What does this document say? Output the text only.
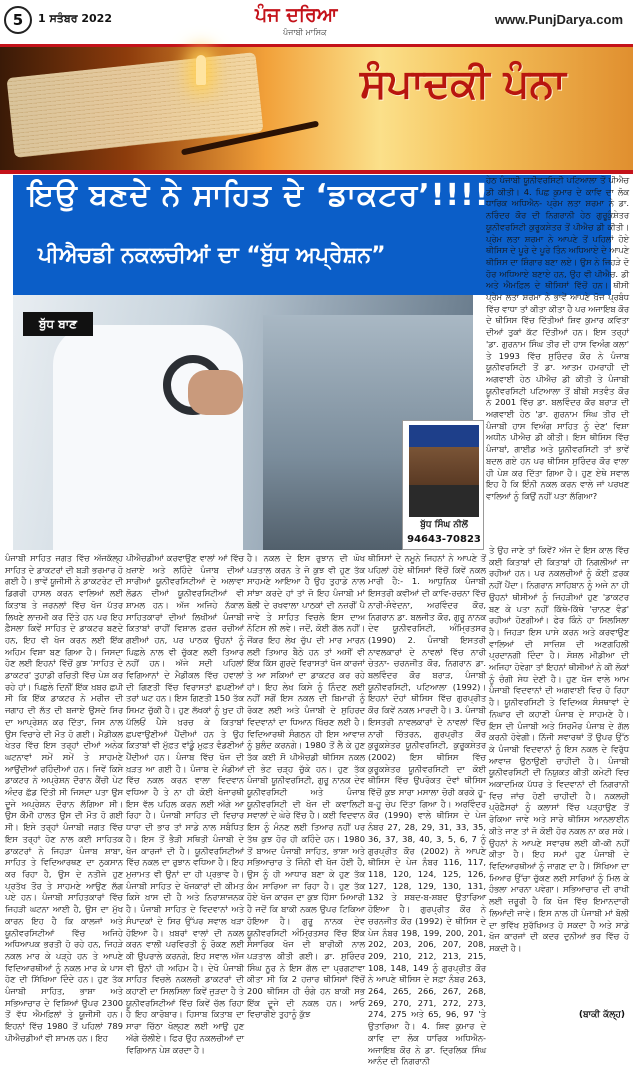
5	1 ਸਤੰਬਰ 2022	ਪੰਜ ਦਰਿਆ
ਪੰਜਾਬੀ ਮਾਸਿਕ
www.PunjDarya.com
ਸੰਪਾਦਕੀ ਪੰਨਾ
ਇਉ ਬਣਦੇ ਨੇ ਸਾਹਿਤ ਦੇ ‘ਡਾਕਟਰ’!!!!
ਪੀਐਚਡੀ ਨਕਲਚੀਆਂ ਦਾ “ਬੁੱਧ ਅਪ੍ਰੇਸ਼ਨ”
ਬੁੱਧ ਬਾਣ
ਬੁੱਧ ਸਿੰਘ ਨੀਲੋਂ
94643-70823

ਹੇਠ ਪੰਜਾਬੀ ਯੂਨੀਵਰਸਿਟੀ ਪਟਿਆਲਾ ਤੋਂ ਪੀਐਚ ਡੀ ਕੀਤੀ। 4. ਪਿਛ ਕੁਮਾਰ ਦੇ ਕਾਵਿ ਦਾ ਲੋਕ ਧਾਰਿਕ ਅਧਿਐਨ- ਪ੍ਰੇਮ ਲਤਾ ਸ਼ਰਮਾ ਨੇ ਡਾ. ਨਰਿੰਦਰ ਕੌਰ ਦੀ ਨਿਗਰਾਨੀ ਹੇਠ ਗੁਰੂਕੁੰਸ਼ੇਤਰ ਯੂਨੀਵਰਸਿਟੀ ਕੁਰੂਕਸ਼ੇਤਰ ਤੋਂ ਪੀਐਚ ਡੀ ਕੀਤੀ। ਪ੍ਰੇਮ ਲਤਾ ਸ਼ਰਮਾ ਨੇ ਆਪਣੇ ਤੋਂ ਪਹਿਲਾਂ ਹੋਏ ਥੀਸਿਸ ਦੇ ਪੂਰੇ ਦੇ ਪੂਰੇ ਤਿੰਨ ਅਧਿਆਏ ਦੇ ਆਪਣੇ ਥੀਸਿਸ ਦਾ ਸ਼ਿੰਗਾਰ ਬਣਾ ਲਏ। ਉਸ ਨੇ ਜਿਹੜੇ ਦੋ ਹੋਰ ਅਧਿਆਏ ਬਣਾਏ ਹਨ, ਉਹ ਵੀ ਪੀਐਚ. ਡੀ ਅਤੇ ਐਮਫ਼ਿਲ ਦੇ ਥੀਸਿਸਾਂ ਵਿੱਚੋਂ ਹਨ। ਥੀਸੀ ਪ੍ਰੇਮ ਲਤਾ ਸ਼ਰਮਾ ਨੇ ਭਾਵੇਂ ਆਪਣੇ ਖ਼ੋਜ ਪ੍ਰਬੰਧ ਵਿੱਚ ਵਾਧਾ ਤਾਂ ਕੀਤਾ ਕੀਤਾ ਹੈ ਪਰ ਅਜਾਇਬ ਕੌਰ ਦੇ ਥੀਸਿਸ ਵਿੱਚ ਦਿੱਤੀਆਂ ਸ਼ਿਵ ਕੁਮਾਰ ਕਵਿਤਾ ਦੀਆਂ ਤੁਕਾਂ ਕੱਟ ਦਿੱਤੀਆਂ ਹਨ। ਇਸ ਤਰ੍ਹਾਂ 'ਡਾ. ਗੁਰਨਾਮ ਸਿੰਘ ਤੀਰ ਦੀ ਹਾਸ ਵਿਅੰਗ ਕਲਾ' ਤੇ 1993 ਵਿੱਚ ਸੁਰਿੰਦਰ ਕੌਰ ਨੇ ਪੰਜਾਬ ਯੂਨੀਵਰਸਿਟੀ ਤੋਂ ਡਾ. ਆਤਮ ਹਮਰਾਹੀ ਦੀ ਅਗਵਾਈ ਹੇਠ ਪੀਐਚ ਡੀ ਕੀਤੀ ਤੇ ਪੰਜਾਬੀ ਯੂਨੀਵਰਸਿਟੀ ਪਟਿਆਲਾ ਤੋਂ ਬੀਬੀ ਸਤਵੰਤ ਕੌਰ ਨੇ 2001 ਵਿੱਚ ਡਾ. ਬਲਵਿੰਦਰ ਕੌਰ ਬਰਾੜ ਦੀ ਅਗਵਾਈ ਹੇਠ 'ਡਾ. ਗੁਰਨਾਮ ਸਿੰਘ ਤੀਰ ਦੀ ਪੰਜਾਬੀ ਹਾਸ ਵਿਅੰਗ ਸਾਹਿਤ ਨੂੰ ਦੇਣ' ਵਿਸ਼ਾ ਅਧੀਨ ਪੀਐਚ ਡੀ ਕੀਤੀ। ਇਸ ਥੀਸਿਸ ਵਿੱਚ ਪੰਜਾਬਾਂ, ਗਾਈਡ ਅਤੇ ਯੂਨੀਵਰਸਿਟੀ ਤਾਂ ਭਾਵੇਂ ਬਦਲ ਗਏ ਹਨ ਪਰ ਥੀਸਿਸ ਸੁਰਿੰਦਰ ਕੌਰ ਵਾਲਾ ਹੀ ਪੇਸ਼ ਕਰ ਦਿੱਤਾ ਗਿਆ ਹੈ। ਹੁਣ ਏਥੇ ਸਵਾਲ ਇਹ ਹੈ ਕਿ ਇੰਨੀ ਨਕਲ ਕਰਨ ਵਾਲੇ ਜਾਂ ਪਰਖਣ ਵਾਲਿਆਂ ਨੂੰ ਕਿਉਂ ਨਹੀਂ ਪਤਾ ਲੱਗਿਆ?

ਪੰਜਾਬੀ ਸਾਹਿਤ ਜਗਤ ਵਿੱਚ ਅੱਜਕੱਲ੍ਹ ਸਾਹਿਤ ਦੇ ਡਾਕਟਰਾਂ ਦੀ ਬੜੀ ਭਰਮਾਰ ਹੋ ਗਈ ਹੈ। ਭਾਵੇਂ ਯੂਜੀਸੀ ਨੇ ਡਾਕਟਰੇਟ ਦੀ ਡਿਗਰੀ ਹਾਸਲ ਕਰਨ ਵਾਲਿਆਂ ਲਈ ਕਿਤਾਬ ਤੇ ਜਰਨਲਾਂ ਵਿੱਚ ਖੋਜ ਪੱਤਰ ਲਿਖਣੇ ਲਾਜ਼ਮੀ ਕਰ ਦਿੱਤੇ ਹਨ ਪਰ ਇਹ ਫ਼ੈਸਲਾ ਕਿਵੇਂ ਸਾਹਿਤ ਦੇ ਡਾਕਟਰ ਬਣਦੇ ਹਨ, ਇਹ ਵੀ ਖੋਜ ਕਰਨ ਲਈ ਇੱਕ ਅਹਿਮ ਵਿਸ਼ਾ ਬਣ ਗਿਆ ਹੈ। ਜਿਸਦਾ ਹੋਣ ਲਈ ਇਹਨਾਂ ਵਿੱਚੋਂ ਕੁਝ 'ਸਾਹਿਤ ਦੇ ਡਾਕਟਰ' ਤੁਹਾਡੀ ਰਚਿਤੀ ਵਿੱਚ ਪੇਸ਼ ਕਰ ਰਹੇ ਹਾਂ। ਪਿਛਲੇ ਦਿਨੀਂ ਇੱਕ ਖ਼ਬਰ ਛਪੀ ਸੀ ਕਿ ਇੱਕ ਡਾਕਟਰ ਨੇ ਮਰੀਜ਼ ਦੀ ਜਗਾਹ ਦੀ ਲੱਤ ਦੀ ਬਜਾਏ ਉਸਦੇ ਸਿਰ ਦਾ ਆਪ੍ਰੇਸ਼ਨ ਕਰ ਦਿੱਤਾ, ਜਿਸ ਨਾਲ ਉਸ ਵਿਚਾਰੇ ਦੀ ਮੌਤ ਹੋ ਗਈ। ਮੈਡੀਕਲ ਖੇਤਰ ਵਿੱਚ ਇਸ ਤਰ੍ਹਾਂ ਦੀਆਂ ਅਨੇਕ ਘਟਨਾਵਾਂ ਸਮੇਂ ਸਮੇਂ ਤੇ ਸਾਹਮਣੇ ਆਉਂਦੀਆਂ ਰਹਿੰਦੀਆਂ ਹਨ। ਜਿਵੇਂ ਕਿਸੇ ਡਾਕਟਰ ਨੇ ਅਪ੍ਰੇਸ਼ਨ ਦੌਰਾਨ ਕੈਂਚੀ ਪੇਟ ਅੰਦਰ ਛੱਡ ਦਿੱਤੀ ਸੀ ਜਿਸਦਾ ਪਤਾ ਉਸ ਦੂਜੇ ਅਪ੍ਰੇਸ਼ਨ ਦੌਰਾਨ ਲੱਗਿਆ ਸੀ। ਉਸ ਕੌਮੀ ਹਾਲਤ ਉਸ ਦੀ ਮੌਤ ਹੋ ਗਈ ਸੀ। ਇਸੇ ਤਰ੍ਹਾਂ ਪੰਜਾਬੀ ਜਗਤ ਵਿੱਚ ਇਸ ਤਰ੍ਹਾਂ ਹੋਣ ਨਾਲ ਕਈ ਸਾਹਿਤਕ ਡਾਕਟਰਾਂ ਨੇ ਜਿਹੜਾ ਪੰਜਾਬ ਸ਼ਾਬਾ, ਸਾਹਿਤ ਤੇ ਵਿਦਿਆਰਥਣ ਦਾ ਨੁਕਸਾਨ ਕਰ ਰਿਹਾ ਹੈ, ਉਸ ਦੇ ਨਤੀਜੇ ਹੁਣ ਪ੍ਰਤੱਖ ਤੌਰ ਤੇ ਸਾਹਮਣੇ ਆਉਣ ਲੱਗ ਪਏ ਹਨ। ਪੰਜਾਬੀ ਸਾਹਿਤਕਾਰਾਂ ਵਿੱਚ ਜਿਹੜੀ ਘਟਨਾ ਆਈ ਹੈ, ਉਸ ਦਾ ਮੁੱਖ ਕਾਰਨ ਇਹ ਹੈ ਕਿ ਕਾਲਜਾਂ ਅਤੇ ਯੂਨੀਵਰਸਿਟੀਆਂ ਵਿੱਚ ਅਜਿਹੇ ਅਧਿਆਪਕ ਭਰਤੀ ਹੋ ਰਹੇ ਹਨ, ਜਿਹੜੇ ਨਕਲ ਮਾਰ ਕੇ ਪੜ੍ਹੇ ਹਨ ਤੇ ਆਪਣੇ ਵਿਦਿਆਰਥੀਆਂ ਨੂੰ ਨਕਲ ਮਾਰ ਕੇ ਪਾਸ ਹੋਣ ਦੀ ਸਿੱਖਿਆ ਦਿੰਦੇ ਹਨ। ਹੁਣ ਤੱਕ ਪੰਜਾਬੀ ਸਾਹਿਤ, ਭਾਸ਼ਾ ਅਤੇ ਸਭਿਆਚਾਰ ਦੇ ਵਿਸ਼ਿਆਂ ਉਪਰ 2300 ਤੋਂ ਵੱਧ ਐਮਫ਼ਿਲਾਂ ਤੇ ਯੂਜੀਸੀ ਹਨ। ਇਹਨਾਂ ਵਿੱਚ 1980 ਤੋਂ ਪਹਿਲਾਂ 789 ਪੀਐਚਡੀਆਂ ਵੀ ਸ਼ਾਮਲ ਹਨ। ਇਹ

ਪੀਐਚਡੀਆਂ ਕਰਵਾਉਣ ਵਾਲਾਂ ਆਂ ਵਿੱਚ ਖ਼ਜ਼ਾਏ ਅਤੇ ਲਹਿੰਦੇ ਪੰਜਾਬ ਦੀਆਂ ਸਾਰੀਆਂ ਯੂਨੀਵਰਸਿਟੀਆਂ ਦੇ ਅਲਾਵਾ ਲੋਡਨ ਦੀਆਂ ਯੂਨੀਵਰਸਿਟੀਆਂ ਵੀ ਸ਼ਾਮਲ ਹਨ। ਅੱਜ ਅਜਿਹੇ ਨੱਕਾਲ ਸਾਹਿਤਕਾਰਾਂ ਦੀਆਂ ਲਿਖੀਆਂ ਪੰਜਾਬੀ ਕਿਤਾਬਾਂ ਰਾਹੀਂ ਵਿਸ਼ਾਲ ਫ਼ਰਜ਼ ਰਚੀਆਂ ਗਈਆਂ ਹਨ, ਪਰ ਪਾਠਕ ਉਹਨਾਂ ਨੂੰ ਪਿਛਲੇ ਨਾਲ ਵੀ ਚੁੱਕਣ ਲਈ ਤਿਆਰ ਨਹੀਂ ਹਨ। ਅੱਜੇ ਸਦੀ ਪਹਿਲਾਂ ਵਿਗਿਆਨਾਂ ਦੇ ਮੈਡੀਕਲ ਵਿੱਚ ਹਵਾਲਾਂ ਦੀ ਗਿਣਤੀ ਵਿੱਚ ਵਿਰਾਸਤਾਂ ਛਪਣੀਆਂ ਤਰਾਂ ਘਟ ਹਨ। ਇਸ ਗਿਣਤੀ 150 ਤੱਕ ਸਿਮਟ ਚੁੱਕੀ ਹੈ। ਹੁਣ ਲੱਖਕਾਂ ਨੂੰ ਖ਼ੁਦ ਹੀ ਪੱਲਿਓਂ ਪੈਸੇ ਖ਼ਰਚ ਕੇ ਕਿਤਾਬਾਂ ਛਪਵਾਉਣੀਆਂ ਪੈਂਦੀਆਂ ਹਨ ਤੇ ਉਹ ਕਿਤਾਬਾਂ ਵੀ ਮੁੱਫ਼ਤ ਵਾਂਡੂੰ ਮੁਫ਼ਤ ਵੰਡਣੀਆਂ ਪੈਂਦੀਆਂ ਹਨ। ਪੰਜਾਬ ਵਿੱਚ ਖੋਜ ਦੀ ਖ਼ੜਤ ਆ ਗਈ ਹੈ। ਪੰਜਾਬ ਦੇ ਮੰਡੀਆਂ ਵਿੱਚ ਨਕਲ ਕਰਨ ਵਾਲਾ ਵਿਦਵਾਨ ਵਧਿਆ ਹੈ ਤੇ ਨਾ ਹੀ ਕੋਈ ਖੋਜਾਰਥੀ ਇਸ ਵੱਲ ਪਹਿਲ ਕਰਨ ਲਈ ਅੱਗੇ ਆ ਰਿਹਾ ਹੈ। ਪੰਜਾਬੀ ਸਾਹਿਤ ਦੀ ਵਿਚਾਰ ਧਾਰਾ ਦੀ ਭਾਰ ਤਾਂ ਸਾਡੇ ਨਾਲ ਸਬੰਧਿਤ ਹੈ। ਇਸ ਤੋਂ ਭੈੜੀ ਸਥਿਤੀ ਪੰਜਾਬੀ ਦੇ ਖੋਜ ਕਾਰਜਾਂ ਦੀ ਹੈ। ਯੂਨੀਵਰਸਿਟੀਆਂ ਵਿੱਚ ਨਕਲ ਦਾ ਰੁਝਾਨ ਵਧਿਆ ਹੈ। ਇਹ ਮੁਜ਼ਾਮਤ ਵੀ ਉਨਾਂ ਦਾ ਹੀ ਪ੍ਰਭਾਵ ਹੈ। ਪੰਜਾਬੀ ਸਾਹਿਤ ਦੇ ਖੋਜਕਾਰਾਂ ਦੀ ਕੀਮਤ ਕਿਸੇ ਖ਼ਾਸ ਦੀ ਹੈ ਅਤੇ ਨਿਰਾਸ਼ਾਜਨਕ ਹੈ। ਪੰਜਾਬੀ ਸਾਹਿਤ ਦੇ ਵਿਦਵਾਨਾਂ ਅਤੇ ਸੰਪਾਦਕਾਂ ਦੇ ਸਿਰ ਉੱਪਰ ਸਵਾਲ ਖੜਾ ਹੋਇਆ ਹੈ। ਖ਼ਬਰਾਂ ਵਾਲਾਂ ਦੀ ਨਕਲ ਕਰਨ ਵਾਲੀ ਪਰਵਿਰਤੀ ਨੂੰ ਰੋਕਣ ਲਈ ਕੀ ਉਪਰਾਲੇ ਕਰਨਗੇ, ਇਹ ਸਵਾਲ ਅੱਜ ਵੀ ਉਨਾਂ ਹੀ ਅਹਿਮ ਹੈ। ਦੇਖੋ ਪੰਜਾਬੀ ਸਾਹਿਤ ਵਿਚਲੇ ਨਕਲਚੀ ਡਾਕਟਰਾਂ ਦੀ ਕਹਾਣੀ ਦਾ ਸਿਲਸਿਲਾ ਕਿਵੇਂ ਜੁੜਦਾ ਹੈ ਤੇ ਯੂਨੀਵਰਸਿਟੀਆਂ ਵਿੱਚ ਕਿਵੇਂ ਚੱਲ ਰਿਹਾ ਹੈ ਇਹ ਕਾਰੋਬਾਰ। ਹਿਸਾਬ ਕਿਤਾਬ ਦਾ ਸਾਰਾ ਚਿੱਠਾ ਖੋਲ੍ਹਣ ਲਈ ਆਉ ਹੁਣ ਅੱਗੇ ਚੱਲੀਏ। ਫਿਰ ਉਹ ਨਕਲਚੀਆਂ ਦਾ ਵਿਗਿਆਨ ਪੇਸ਼ ਕਰਦਾ ਹੈ।

ਹੈ। ਨਕਲ ਦੇ ਇਸ ਰੁਝਾਨ ਦੀ ਘੋਖ ਪੜਤਾਲ ਕਰਨ ਤੇ ਜੋ ਕੁਝ ਵੀ ਹੁਣ ਤੱਕ ਸਾਹਮਣੇ ਆਇਆ ਹੈ ਉਹ ਤੁਹਾਡੇ ਨਾਲ ਸਾਂਝਾ ਕਰਦੇ ਹਾਂ ਤਾਂ ਜੋ ਇਹ ਪੰਜਾਬੀ ਮਾਂ ਬੋਲੀ ਦੇ ਰਖਵਾਲਾ ਪਾਠਕਾਂ ਦੀ ਨਜ਼ਰੀਂ ਪੈ ਜਾਵੇ ਤੇ ਸਾਹਿਤ ਵਿਚਲੇ ਇਸ ਦਾਅ ਨੋਟਿਸ ਲੀ ਲਵੇ। ਜਦੋਂ, ਕੋਈ ਗੱਲ ਨਹੀਂ। ਜੋਂਕਰ ਇਹ ਲੇਖ ਚੁੱਪ ਦੀ ਮਾਰ ਮਾਰਨ ਲਈ ਤਿਆਰ ਬੈਠੇ ਹਨ ਤਾਂ ਅਸੀਂ ਵੀ ਇੱਕ ਕਿੱਸ ਗੁਰਦੇ ਵਿਰਾਸਤਾਂ ਖੋਜ ਕਾਰਜਾਂ ਤੇ ਆ ਸਕਿਆਂ ਦਾ ਡਾਕਟਰ ਕਰ ਰਹੇ ਹਾਂ। ਇਹ ਲੇਖ ਕਿਸੇ ਨੂੰ ਨਿੰਦਣ ਲਈ ਨਹੀਂ ਸਗੋਂ ਇਸ ਨਕਲ ਦੀ ਬਿਮਾਰੀ ਨੂੰ ਰੋਕਣ ਲਈ ਅਤੇ ਪੰਜਾਬੀ ਦੇ ਸੁਹਿਰਦ ਵਿਦਵਾਨਾਂ ਦਾ ਧਿਆਨ ਖਿੱਚਣ ਲਈ ਹੈ। ਵਿਦਿਆਰਥੀ ਸੰਗਠਨ ਹੀ ਇਸ ਆਵਾਜ਼ ਨੂੰ ਬੁਲੰਦ ਕਰਨਗੇ। 1980 ਤੋਂ ਲੈ ਕੇ ਹੁਣ ਤੱਕ ਕਈ ਸੌ ਪੀਐਚਡੀ ਥੀਸਿਸ ਨਕਲ ਦੀ ਭੇਟ ਚੜ੍ਹ ਚੁੱਕੇ ਹਨ। ਹੁਣ ਤੱਕ ਪੰਜਾਬੀ ਯੂਨੀਵਰਸਿਟੀ, ਗੁਰੂ ਨਾਨਕ ਦੇਵ ਯੂਨੀਵਰਸਿਟੀ ਅਤੇ ਪੰਜਾਬ ਯੂਨੀਵਰਸਿਟੀ ਦੀ ਖੋਜ ਦੀ ਕਵਾਲਿਟੀ ਸਵਾਲਾਂ ਦੇ ਘੇਰੇ ਵਿੱਚ ਹੈ। ਕਈ ਵਿਦਵਾਨ ਇਸ ਨੂੰ ਮੰਨਣ ਲਈ ਤਿਆਰ ਨਹੀਂ ਪਰ ਤੱਥ ਕੁਝ ਹੋਰ ਹੀ ਕਹਿੰਦੇ ਹਨ। 1980 ਤੋਂ ਬਾਅਦ ਪੰਜਾਬੀ ਸਾਹਿਤ, ਭਾਸ਼ਾ ਅਤੇ ਸਭਿਆਚਾਰ ਤੇ ਜਿੰਨੀ ਵੀ ਖੋਜ ਹੋਈ ਹੈ, ਉਸ ਨੂੰ ਹੀ ਆਧਾਰ ਬਣਾ ਕੇ ਹੁਣ ਤੱਕ ਕੰਮ ਸਾਰਿਆ ਜਾ ਰਿਹਾ ਹੈ। ਹੁਣ ਤੱਕ ਹੋਏ ਖੋਜ ਕਾਰਜ ਦਾ ਕੁਝ ਹਿੱਸਾ ਮਿਆਰੀ ਹੈ ਜਦੋਂ ਕਿ ਬਾਕੀ ਨਕਲ ਉਪਰ ਟਿਕਿਆ ਹੋਇਆ ਹੈ। ਗੁਰੂ ਨਾਨਕ ਦੇਵ ਯੂਨੀਵਰਸਿਟੀ ਅੰਮ੍ਰਿਤਸਰ ਵਿੱਚ ਇੱਕ ਸੰਸਾਰਿਕ ਖੋਜ ਦੀ ਬਾਰੀਕੀ ਨਾਲ ਪੜਤਾਲ ਕੀਤੀ ਗਈ। ਡਾ. ਸੁਰਿੰਦਰ ਸਿੰਘ ਨੂਰ ਨੇ ਇਸ ਗੱਲ ਦਾ ਪ੍ਰਗਟਾਵਾ ਕੀਤਾ ਸੀ ਕਿ 2 ਹਜ਼ਾਰ ਥੀਸਿਸਾਂ ਵਿੱਚੋਂ 200 ਥੀਸਿਸ ਹੀ ਚੰਗੇ ਹਨ ਬਾਕੀ ਸਭ ਇੱਕ ਦੂਜੇ ਦੀ ਨਕਲ ਹਨ। ਆਓ ਵਿਚਾਰੀਏ ਤੁਹਾਨੂੰ ਕੁੱਝ

ਥੀਸਿਸਾਂ ਦੇ ਨਮੂਨੇ ਜਿਹਨਾਂ ਨੇ ਆਪਣੇ ਤੋਂ ਪਹਿਲਾਂ ਹੋਏ ਥੀਸਿਸਾਂ ਵਿੱਚੋਂ ਕਿਵੇਂ ਨਕਲ ਮਾਰੀ ਹੈ:- 1. ਆਧੁਨਿਕ ਪੰਜਾਬੀ ਇਸਤਰੀ ਕਵੀਆਂ ਦੀ ਕਾਵਿ-ਰਚਨਾ ਵਿੱਚ ਨਾਰੀ-ਸੰਵੇਦਨਾ, ਅਰਵਿੰਦਰ ਕੌਰ, ਨਿਗਰਾਨ ਡਾ. ਬਲਜੀਤ ਕੌਰ, ਗੁਰੂ ਨਾਨਕ ਦੇਵ ਯੂਨੀਵਰਸਿਟੀ, ਅੰਮ੍ਰਿਤਸਰ (1990) 2. ਪੰਜਾਬੀ ਇਸਤਰੀ ਨਾਵਲਕਾਰਾਂ ਦੇ ਨਾਵਲਾਂ ਵਿੱਚ ਨਾਰੀ ਚੇਤਨਾ- ਚਰਨਜੀਤ ਕੌਰ, ਨਿਗਰਾਨ ਡਾ. ਬਲਵਿੰਦਰ ਕੌਰ ਬਰਾੜ, ਪੰਜਾਬੀ ਯੂਨੀਵਰਸਿਟੀ, ਪਟਿਆਲਾ (1992)। ਇਹਨਾਂ ਦੋਹਾਂ ਥੀਸਿਸ ਵਿੱਚ ਗੁਰਪ੍ਰੀਤ ਕੌਰ ਕਿਵੇਂ ਨਕਲ ਮਾਰਦੀ ਹੈ। 3. ਪੰਜਾਬੀ ਇਸਤਰੀ ਨਾਵਲਕਾਰਾਂ ਦੇ ਨਾਵਲਾਂ ਵਿੱਚ ਨਾਰੀ ਚਿੱਤਰਨ, ਗੁਰਪ੍ਰੀਤ ਕੌਰ ਕੁਰੂਕਸ਼ੇਤਰ ਯੂਨੀਵਰਸਿਟੀ, ਕੁਰੂਕਸ਼ੇਤਰ (2002) ਇਸ ਥੀਸਿਸ ਵਿੱਚ ਕੁਰੂਕਸ਼ੇਤਰ ਯੂਨੀਵਰਸਿਟੀ ਦਾ ਕੋਈ ਥੀਸਿਸ ਵਿੱਚ ਉਪਰੋਕਤ ਦੋਵਾਂ ਥੀਸਿਸ ਵਿੱਚੋਂ ਕੁਝ ਸਾਰਾ ਮਸਾਲਾ ਚੋਰੀ ਕਰਕੇ ਹੂ-ਬ-ਹੂ ਚੇਪ ਦਿੱਤਾ ਗਿਆ ਹੈ। ਅਰਵਿੰਦਰ ਕੌਰ (1990) ਵਾਲੇ ਥੀਸਿਸ ਦੇ ਪੇਜ ਨੰਬਰ 27, 28, 29, 31, 33, 35, 36, 37, 38, 40, 3, 5, 6, 7 ਨੂੰ ਗੁਰਪ੍ਰੀਤ ਕੌਰ (2002) ਨੇ ਆਪਣੇ ਥੀਸਿਸ ਦੇ ਪੇਜ ਨੰਬਰ 116, 117, 118, 120, 124, 125, 126, 127, 128, 129, 130, 131, 132 ਤੇ ਸ਼ਬਦ-ਬ-ਸ਼ਬਦ ਉਤਾਰਿਆ ਹੋਇਆ ਹੈ। ਗੁਰਪ੍ਰੀਤ ਕੌਰ ਨੇ ਚਰਨਜੀਤ ਕੌਰ (1992) ਦੇ ਥੀਸਿਸ ਦੇ ਪੇਜ ਨੰਬਰ 198, 199, 200, 201, 202, 203, 206, 207, 208, 209, 210, 212, 213, 215, 108, 148, 149 ਨੂੰ ਗੁਰਪ੍ਰੀਤ ਕੌਰ ਨੇ ਆਪਣੇ ਥੀਸਿਸ ਦੇ ਸਫ਼ਾ ਨੰਬਰ 263, 264, 265, 266, 267, 268, 269, 270, 271, 272, 273, 274, 275 ਅਤੇ 65, 96, 97 'ਤੇ ਉਤਾਰਿਆ ਹੈ। 4. ਸ਼ਿਵ ਕੁਮਾਰ ਦੇ ਕਾਵਿ ਦਾ ਲੋਕ ਧਾਰਿਕ ਅਧਿਐਨ- ਅਜਾਇਬ ਕੌਰ ਨੇ ਡਾ. ਦ੍ਰਿਲਿਕ ਸਿੰਘ ਆਨੰਦ ਦੀ ਨਿਗਰਾਨੀ

ਤੇ ਉਹ ਜਾਣੇ ਤਾਂ ਕਿਵੇਂ? ਅੱਜ ਦੇ ਇਸ ਕਾਲ ਵਿੱਚ ਕਈ ਕਿਤਾਬਾਂ ਦੀ ਕਿਤਾਬਾਂ ਹੀ ਨਿਗਲੀਆਂ ਜਾ ਰਹੀਆਂ ਹਨ। ਪਰ ਨਕਲਚੀਆਂ ਨੂੰ ਕੋਈ ਫ਼ਰਕ ਨਹੀਂ ਪੈਂਦਾ। ਨਿਗਰਾਨ ਸਾਹਿਬਾਨ ਨੂੰ ਅਜੇ ਨਾ ਹੀ ਉਹਨਾਂ ਥੀਸੀਆਂ ਨੂੰ ਜਿਹੜੀਆਂ ਹੁਣ 'ਡਾਕਟਰ ਬਣ ਕੇ ਪਤਾ ਨਹੀਂ ਕਿੱਥੇ-ਕਿੱਥੇ 'ਚਾਨਣ ਵੰਡ' ਰਹੀਆਂ ਹੋਣਗੀਆਂ। ਫੇਰ ਕਿੰਨੇ ਹਾ ਸਿਲਸਿਲਾ ਹੈ। ਜਿਹੜਾ ਇਸ ਪਾਸੇ ਕਰਨ ਅਤੇ ਕਰਵਾਉਣ ਵਾਲਿਆਂ ਦੀ ਸਾਜ਼ਿਸ਼ ਦੀ ਅਣਗਹਿਲੀ ਪ੍ਰਦਾਨਗੀ ਦਿੰਦਾ ਹੈ। ਸੋਸ਼ਲ ਮੀਡੀਆ ਦੀ ਅਜਿਹਾ ਹੋਵੇਗਾ ਤਾਂ ਇਹਨਾਂ ਥੀਸੀਆਂ ਨੇ ਕੀ ਲੋਕਾਂ ਨੂੰ ਚੰਗੀ ਸੇਧ ਦੇਣੀ ਹੈ। ਹੁਣ ਖੋਜ ਵਾਲੇ ਆਮ ਪੰਜਾਬੀ ਵਿਦਵਾਨਾਂ ਦੀ ਅਗਵਾਈ ਵਿਚ ਹੋ ਰਿਹਾ ਹੈ। ਯੂਨੀਵਰਸਿਟੀ ਤੇ ਵਿਦਿਅਕ ਸੰਸਥਾਵਾਂ ਦੇ ਨਿਘਾਰ ਦੀ ਕਹਾਣੀ ਪੰਜਾਬ ਦੇ ਸਾਹਮਣੇ ਹੈ। ਇਸ ਦੀ ਪੰਜਾਬੀ ਅਤੇ ਸਿਰਮੌਰ ਪੰਜਾਬ ਦੇ ਗੱਲ ਕਰਨੀ ਹੋਵੇਗੀ। ਨਿੱਜੀ ਸਵਾਰਥਾਂ ਤੋਂ ਉਪਰ ਉੱਠ ਕੇ ਪੰਜਾਬੀ ਵਿਦਵਾਨਾਂ ਨੂੰ ਇਸ ਨਕਲ ਦੇ ਵਿਰੁੱਧ ਆਵਾਜ਼ ਉਠਾਉਣੀ ਚਾਹੀਦੀ ਹੈ। ਪੰਜਾਬੀ ਯੂਨੀਵਰਸਿਟੀ ਦੀ ਨਿਯੁਕਤ ਕੀਤੀ ਕਮੇਟੀ ਵਿਚ ਅਕਾਦਮਿਕ ਪੱਧਰ ਤੇ ਵਿਦਵਾਨਾਂ ਦੀ ਨਿਗਰਾਨੀ ਵਿਚ ਜਾਂਚ ਹੋਣੀ ਚਾਹੀਦੀ ਹੈ। ਨਕਲਚੀ ਪ੍ਰੋਫ਼ੈਸਰਾਂ ਨੂੰ ਕਲਾਸਾਂ ਵਿੱਚ ਪੜ੍ਹਾਉਣ ਤੋਂ ਰੋਕਿਆ ਜਾਵੇ ਅਤੇ ਸਾਰੇ ਥੀਸਿਸ ਆਨਲਾਈਨ ਕੀਤੇ ਜਾਣ ਤਾਂ ਜੋ ਕੋਈ ਹੋਰ ਨਕਲ ਨਾ ਕਰ ਸਕੇ। ਉਹਨਾਂ ਨੇ ਆਪਣੇ ਸਵਾਰਥ ਲਈ ਕੀ-ਕੀ ਨਹੀਂ ਕੀਤਾ ਹੈ। ਇਹ ਸਮਾਂ ਹੁਣ ਪੰਜਾਬੀ ਦੇ ਵਿਦਿਆਰਥੀਆਂ ਨੂੰ ਜਾਗਣ ਦਾ ਹੈ। ਸਿੱਖਿਆ ਦਾ ਮਿਆਰ ਉੱਚਾ ਚੁੱਕਣ ਲਈ ਸਾਰਿਆਂ ਨੂੰ ਮਿਲ ਕੇ ਹੰਭਲਾ ਮਾਰਨਾ ਪਵੇਗਾ। ਸਭਿਆਚਾਰ ਦੀ ਰਾਖੀ ਲਈ ਜ਼ਰੂਰੀ ਹੈ ਕਿ ਖੋਜ ਵਿੱਚ ਇਮਾਨਦਾਰੀ ਲਿਆਂਦੀ ਜਾਵੇ। ਇਸ ਨਾਲ ਹੀ ਪੰਜਾਬੀ ਮਾਂ ਬੋਲੀ ਦਾ ਭਵਿੱਖ ਸੁਰੱਖਿਅਤ ਹੋ ਸਕਦਾ ਹੈ ਅਤੇ ਸਾਡੇ ਖੋਜ ਕਾਰਜਾਂ ਦੀ ਕਦਰ ਦੁਨੀਆਂ ਭਰ ਵਿੱਚ ਹੋ ਸਕਦੀ ਹੈ।

(ਬਾਕੀ ਕੱਲ੍ਹ)
